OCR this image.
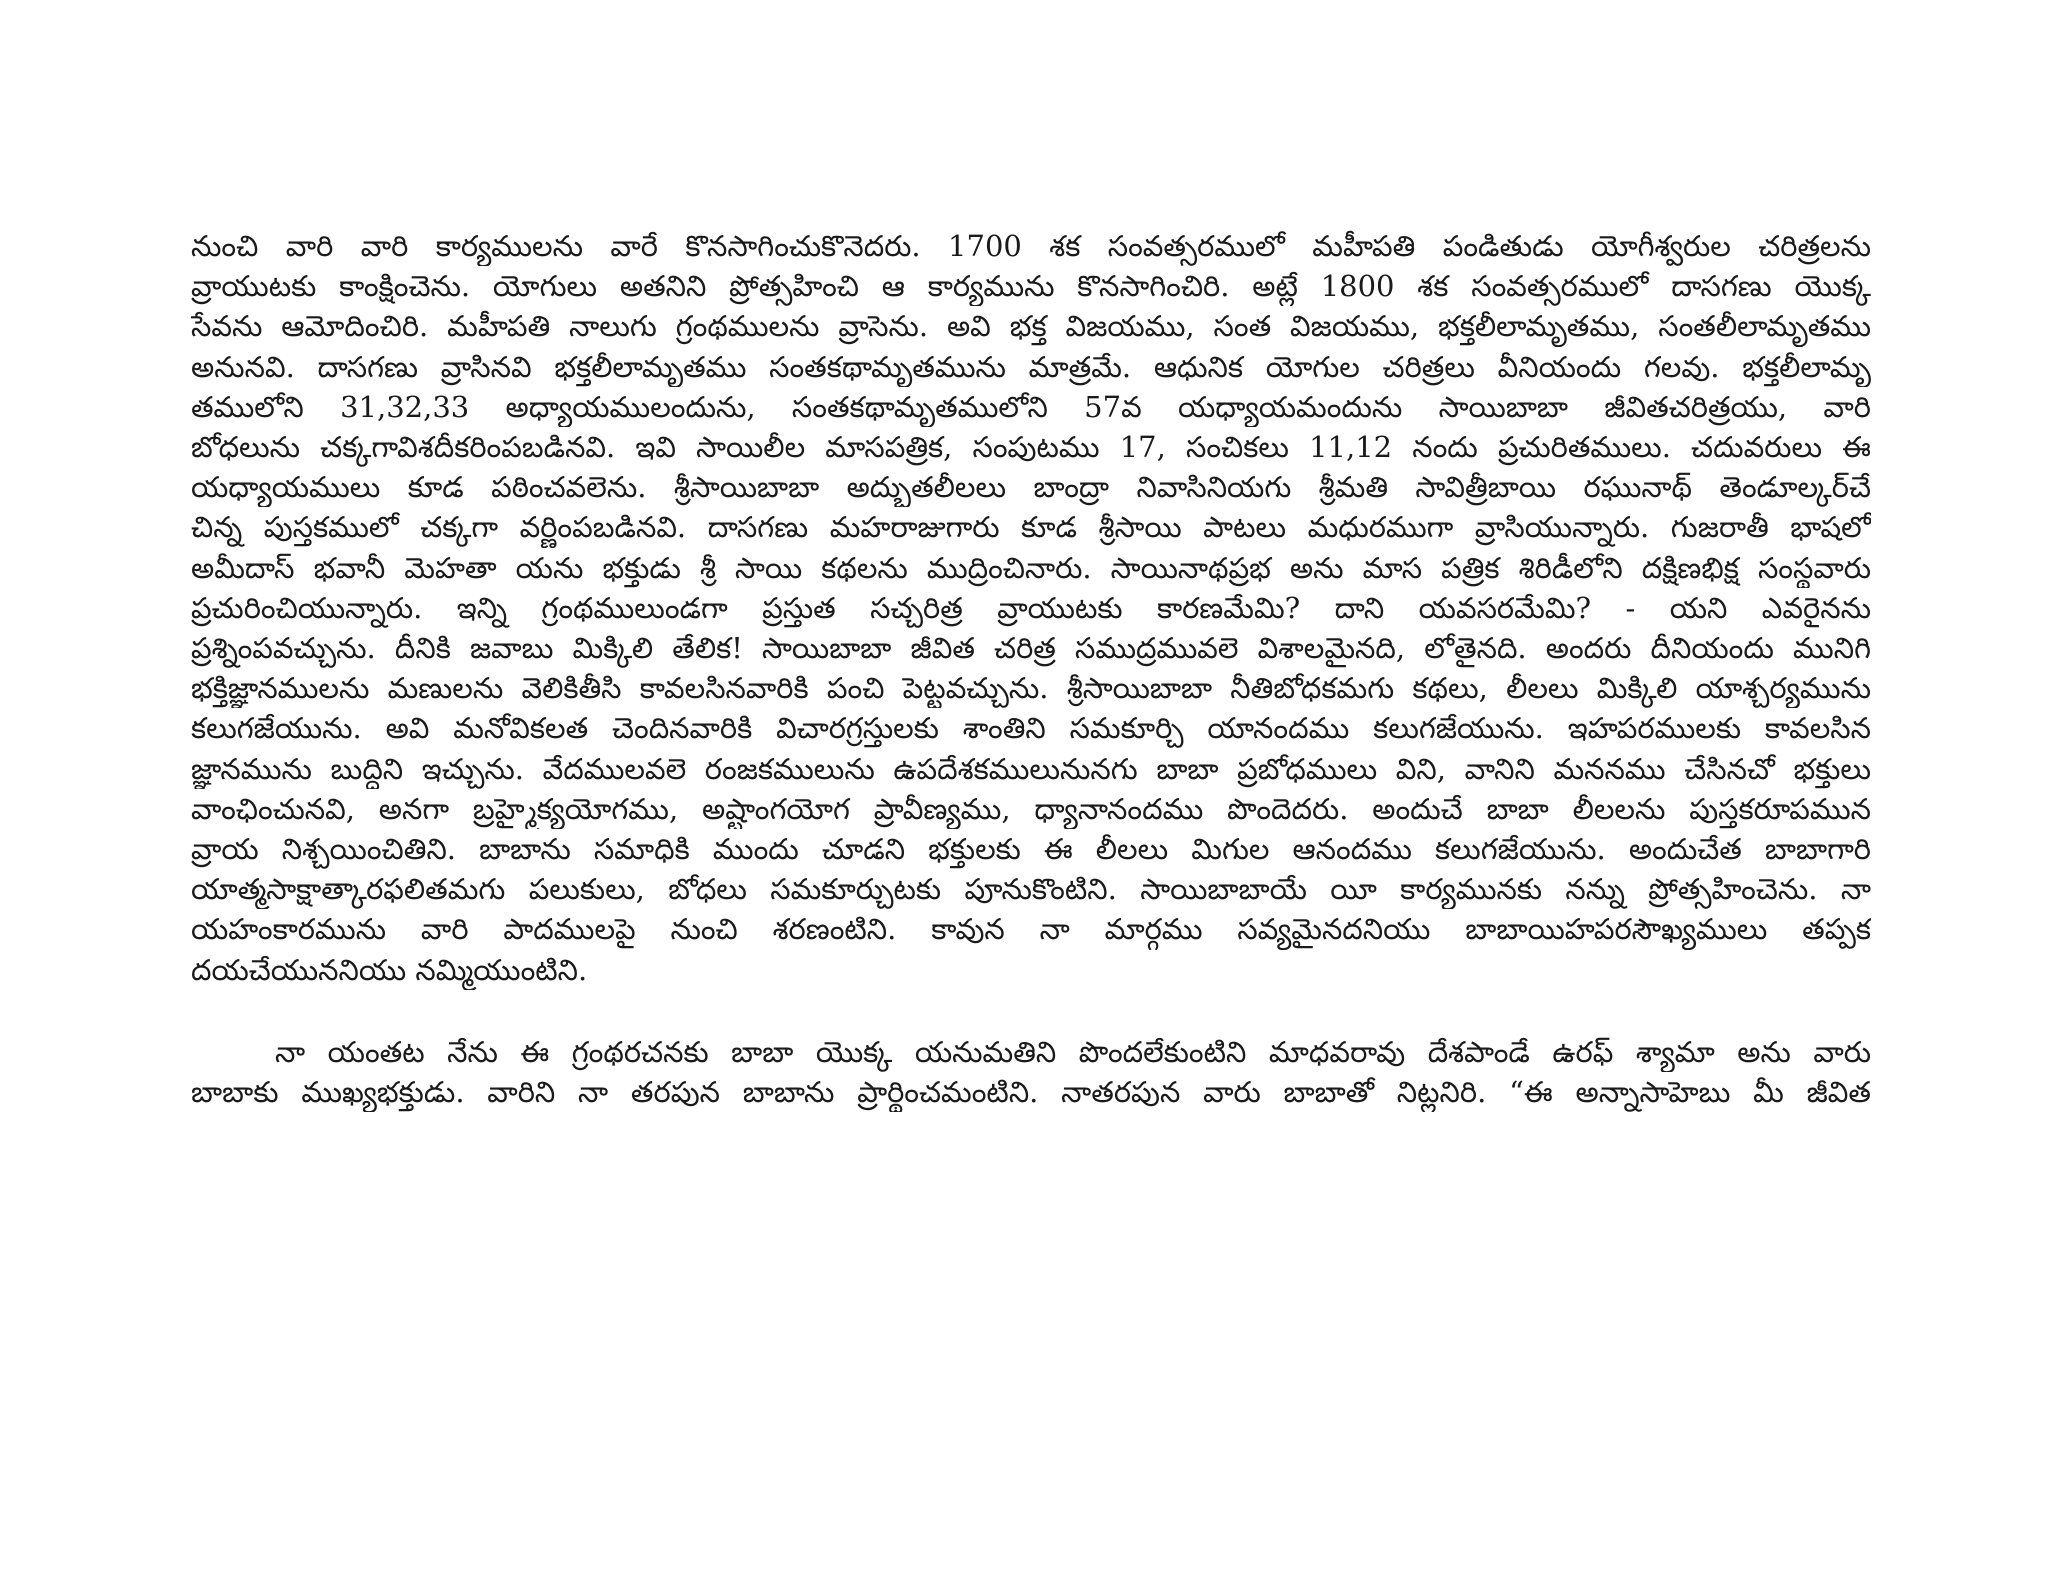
నుంచి వారి వారి కార్యములను వారే కొనసాగించుకొనెదరు. 1700 శక సంవత్సరములో మహీపతి పండితుడు యోగీశ్వరుల చరిత్రలను
వ్రాయుటకు కాంక్షించెను. యోగులు అతనిని ప్రోత్సహించి ఆ కార్యమును కొనసాగించిరి. అట్లే 1800 శక సంవత్సరములో దాసగణు యొక్క
సేవను ఆమోదించిరి. మహీపతి నాలుగు గ్రంథములను వ్రాసెను. అవి భక్త విజయము, సంత విజయము, భక్తలీలామృతము, సంతలీలామృతము
అనునవి. దాసగణు వ్రాసినవి భక్తలీలామృతము సంతకథామృతమును మాత్రమే. ఆధునిక యోగుల చరిత్రలు వీనియందు గలవు. భక్తలీలామృ
తములోని 31,32,33 అధ్యాయములందును, సంతకథామృతములోని 57వ యధ్యాయమందును సాయిబాబా జీవితచరిత్రయు, వారి
బోధలును చక్కగావిశదీకరింపబడినవి. ఇవి సాయిలీల మాసపత్రిక, సంపుటము 17, సంచికలు 11,12 నందు ప్రచురితములు. చదువరులు ఈ
యధ్యాయములు కూడ పఠించవలెను. శ్రీసాయిబాబా అద్భుతలీలలు బాంద్రా నివాసినియగు శ్రీమతి సావిత్రీబాయి రఘునాథ్ తెండూల్కర్‌చే
చిన్న పుస్తకములో చక్కగా వర్ణింపబడినవి. దాసగణు మహరాజుగారు కూడ శ్రీసాయి పాటలు మధురముగా వ్రాసియున్నారు. గుజరాతీ భాషలో
అమీదాస్ భవానీ మెహతా యను భక్తుడు శ్రీ సాయి కథలను ముద్రించినారు. సాయినాథప్రభ అను మాస పత్రిక శిరిడీలోని దక్షిణభిక్ష సంస్థవారు
ప్రచురించియున్నారు. ఇన్ని గ్రంథములుండగా ప్రస్తుత సచ్చరిత్ర వ్రాయుటకు కారణమేమి? దాని యవసరమేమి? - యని ఎవరైనను
ప్రశ్నింపవచ్చును. దీనికి జవాబు మిక్కిలి తేలిక! సాయిబాబా జీవిత చరిత్ర సముద్రమువలె విశాలమైనది, లోతైనది. అందరు దీనియందు మునిగి
భక్తిజ్ఞానములను మణులను వెలికితీసి కావలసినవారికి పంచి పెట్టవచ్చును. శ్రీసాయిబాబా నీతిబోధకమగు కథలు, లీలలు మిక్కిలి యాశ్చర్యమును
కలుగజేయును. అవి మనోవికలత చెందినవారికి విచారగ్రస్తులకు శాంతిని సమకూర్చి యానందము కలుగజేయును. ఇహపరములకు కావలసిన
జ్ఞానమును బుద్ధిని ఇచ్చును. వేదములవలె రంజకములును ఉపదేశకములునునగు బాబా ప్రబోధములు విని, వానిని మననము చేసినచో భక్తులు
వాంఛించునవి, అనగా బ్రహ్మైక్యయోగము, అష్టాంగయోగ ప్రావీణ్యము, ధ్యానానందము పొందెదరు. అందుచే బాబా లీలలను పుస్తకరూపమున
వ్రాయ నిశ్చయించితిని. బాబాను సమాధికి ముందు చూడని భక్తులకు ఈ లీలలు మిగుల ఆనందము కలుగజేయును. అందుచేత బాబాగారి
యాత్మసాక్షాత్కారఫలితమగు పలుకులు, బోధలు సమకూర్చుటకు పూనుకొంటిని. సాయిబాబాయే యీ కార్యమునకు నన్ను ప్రోత్సహించెను. నా
యహంకారమును వారి పాదములపై నుంచి శరణంటిని. కావున నా మార్గము సవ్యమైనదనియు బాబాయిహపరసౌఖ్యములు తప్పక
దయచేయుననియు నమ్మియుంటిని.

నా యంతట నేను ఈ గ్రంథరచనకు బాబా యొక్క యనుమతిని పొందలేకుంటిని మాధవరావు దేశపాండే ఉరఫ్ శ్యామా అను వారు
బాబాకు ముఖ్యభక్తుడు. వారిని నా తరపున బాబాను ప్రార్థించమంటిని. నాతరపున వారు బాబాతో నిట్లనిరి. “ఈ అన్నాసాహెబు మీ జీవిత
